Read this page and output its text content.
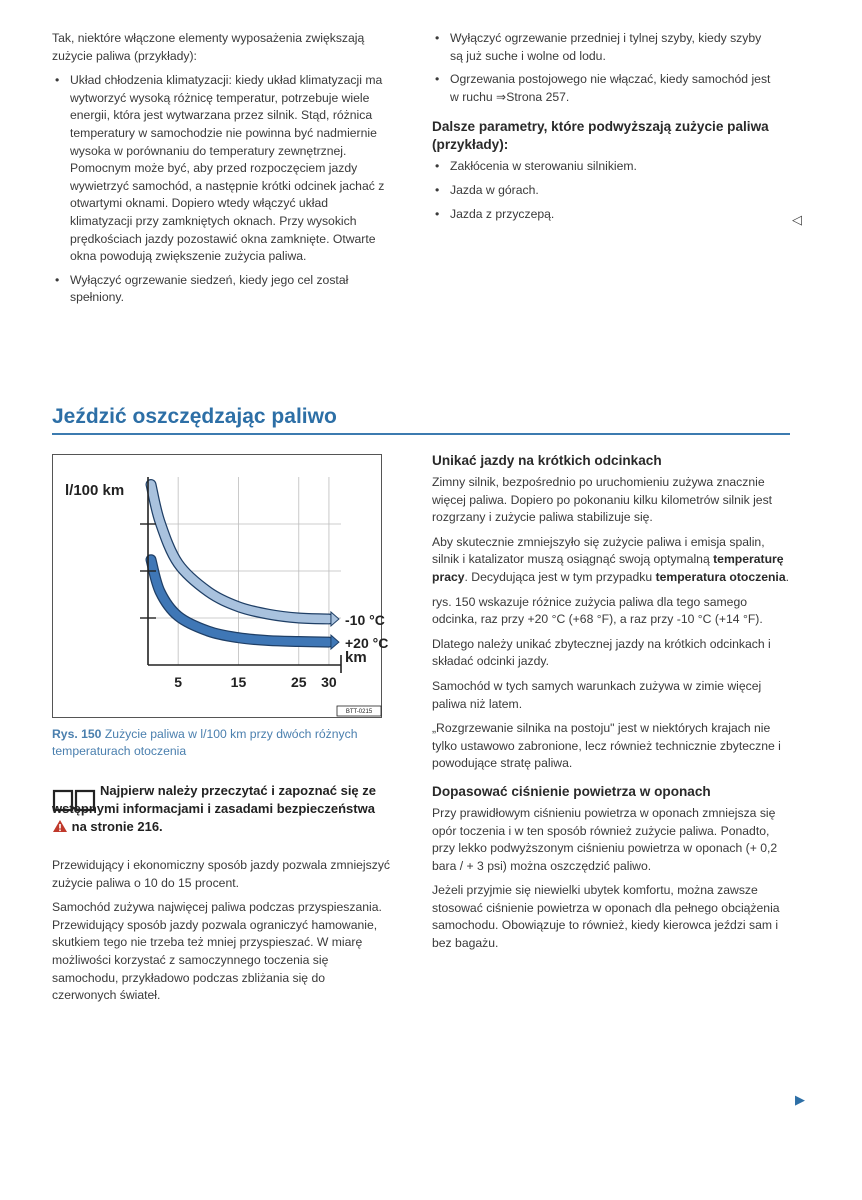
Tak, niektóre włączone elementy wyposażenia zwiększają zużycie paliwa (przykłady):

• Układ chłodzenia klimatyzacji: kiedy układ klimatyzacji ma wytworzyć wysoką różnicę temperatur, potrzebuje wiele energii, która jest wytwarzana przez silnik. Stąd, różnica temperatury w samochodzie nie powinna być nadmiernie wysoka w porównaniu do temperatury zewnętrznej. Pomocnym może być, aby przed rozpoczęciem jazdy wywietrzyć samochód, a następnie krótki odcinek jachać z otwartymi oknami. Dopiero wtedy włączyć układ klimatyzacji przy zamkniętych oknach. Przy wysokich prędkościach jazdy pozostawić okna zamknięte. Otwarte okna powodują zwiększenie zużycia paliwa.
• Wyłączyć ogrzewanie siedzeń, kiedy jego cel został spełniony.
• Wyłączyć ogrzewanie przedniej i tylnej szyby, kiedy szyby są już suche i wolne od lodu.
• Ogrzewania postojowego nie włączać, kiedy samochód jest w ruchu ⇒Strona 257.
Dalsze parametry, które podwyższają zużycie paliwa (przykłady):
• Zakłócenia w sterowaniu silnikiem.
• Jazda w górach.
• Jazda z przyczepą.	◁
Jeździć oszczędzając paliwo
l/100 km
km
5	15	25 30
-10 °C
+20 °C
BTT-0215
Rys. 150 Zużycie paliwa w l/100 km przy dwóch różnych temperaturach otoczenia
Najpierw należy przeczytać i zapoznać się ze wstępnymi informacjami i zasadami bezpieczeństwa  na stronie 216.

Przewidujący i ekonomiczny sposób jazdy pozwala zmniejszyć zużycie paliwa o 10 do 15 procent.

Samochód zużywa najwięcej paliwa podczas przyspieszania. Przewidujący sposób jazdy pozwala ograniczyć hamowanie, skutkiem tego nie trzeba też mniej przyspieszać. W miarę możliwości korzystać z samoczynnego toczenia się samochodu, przykładowo podczas zbliżania się do czerwonych świateł.

Unikać jazdy na krótkich odcinkach

Zimny silnik, bezpośrednio po uruchomieniu zużywa znacznie więcej paliwa. Dopiero po pokonaniu kilku kilometrów silnik jest rozgrzany i zużycie paliwa stabilizuje się.

Aby skutecznie zmniejszyło się zużycie paliwa i emisja spalin, silnik i katalizator muszą osiągnąć swoją optymalną temperaturę pracy. Decydująca jest w tym przypadku temperatura otoczenia.

rys. 150 wskazuje różnice zużycia paliwa dla tego samego odcinka, raz przy +20 °C (+68 °F), a raz przy -10 °C (+14 °F).

Dlatego należy unikać zbytecznej jazdy na krótkich odcinkach i składać odcinki jazdy.

Samochód w tych samych warunkach zużywa w zimie więcej paliwa niż latem.

„Rozgrzewanie silnika na postoju" jest w niektórych krajach nie tylko ustawowo zabronione, lecz również technicznie zbyteczne i powodujące stratę paliwa.

Dopasować ciśnienie powietrza w oponach

Przy prawidłowym ciśnieniu powietrza w oponach zmniejsza się opór toczenia i w ten sposób również zużycie paliwa. Ponadto, przy lekko podwyższonym ciśnieniu powietrza w oponach (+ 0,2 bara / + 3 psi) można oszczędzić paliwo.

Jeżeli przyjmie się niewielki ubytek komfortu, można zawsze stosować ciśnienie powietrza w oponach dla pełnego obciążenia samochodu. Obowiązuje to również, kiedy kierowca jeździ sam i bez bagażu.

▶
